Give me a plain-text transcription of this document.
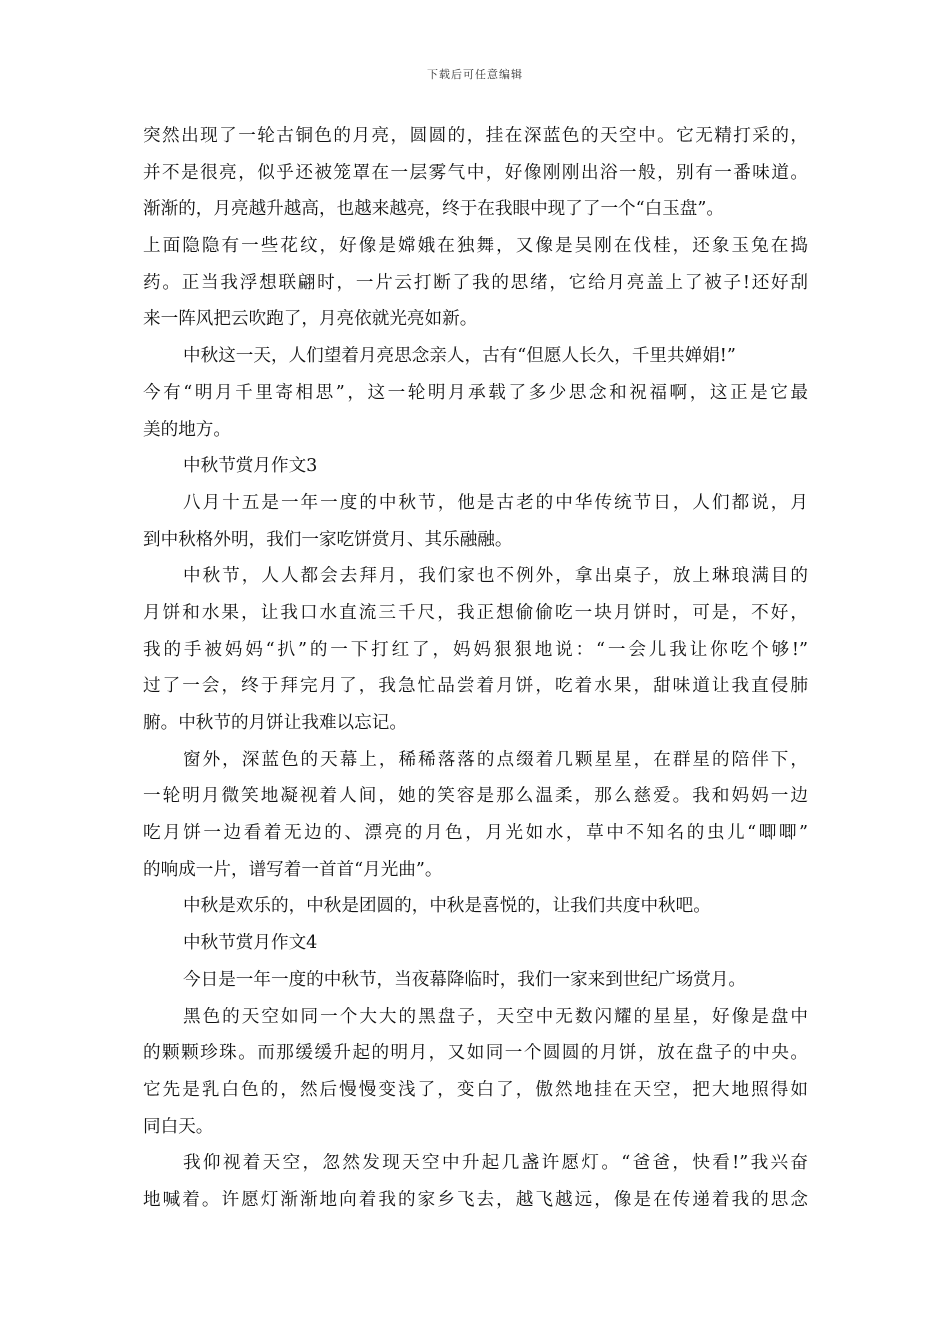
下载后可任意编辑
突然出现了一轮古铜色的月亮，圆圆的，挂在深蓝色的天空中。它无精打采的，
并不是很亮，似乎还被笼罩在一层雾气中，好像刚刚出浴一般，别有一番味道。
渐渐的，月亮越升越高，也越来越亮，终于在我眼中现了了一个“白玉盘”。
上面隐隐有一些花纹，好像是嫦娥在独舞，又像是吴刚在伐桂，还象玉兔在捣
药。正当我浮想联翩时，一片云打断了我的思绪，它给月亮盖上了被子!还好刮
来一阵风把云吹跑了，月亮依就光亮如新。
中秋这一天，人们望着月亮思念亲人，古有“但愿人长久，千里共婵娟!”
今有“明月千里寄相思”，这一轮明月承载了多少思念和祝福啊，这正是它最
美的地方。
中秋节赏月作文3
八月十五是一年一度的中秋节，他是古老的中华传统节日，人们都说，月
到中秋格外明，我们一家吃饼赏月、其乐融融。
中秋节，人人都会去拜月，我们家也不例外，拿出桌子，放上琳琅满目的
月饼和水果，让我口水直流三千尺，我正想偷偷吃一块月饼时，可是，不好，
我的手被妈妈“扒”的一下打红了，妈妈狠狠地说：“一会儿我让你吃个够!”
过了一会，终于拜完月了，我急忙品尝着月饼，吃着水果，甜味道让我直侵肺
腑。中秋节的月饼让我难以忘记。
窗外，深蓝色的天幕上，稀稀落落的点缀着几颗星星，在群星的陪伴下，
一轮明月微笑地凝视着人间，她的笑容是那么温柔，那么慈爱。我和妈妈一边
吃月饼一边看着无边的、漂亮的月色，月光如水，草中不知名的虫儿“唧唧”
的响成一片，谱写着一首首“月光曲”。
中秋是欢乐的，中秋是团圆的，中秋是喜悦的，让我们共度中秋吧。
中秋节赏月作文4
今日是一年一度的中秋节，当夜幕降临时，我们一家来到世纪广场赏月。
黑色的天空如同一个大大的黑盘子，天空中无数闪耀的星星，好像是盘中
的颗颗珍珠。而那缓缓升起的明月，又如同一个圆圆的月饼，放在盘子的中央。
它先是乳白色的，然后慢慢变浅了，变白了，傲然地挂在天空，把大地照得如
同白天。
我仰视着天空，忽然发现天空中升起几盏许愿灯。“爸爸，快看!”我兴奋
地喊着。许愿灯渐渐地向着我的家乡飞去，越飞越远，像是在传递着我的思念
